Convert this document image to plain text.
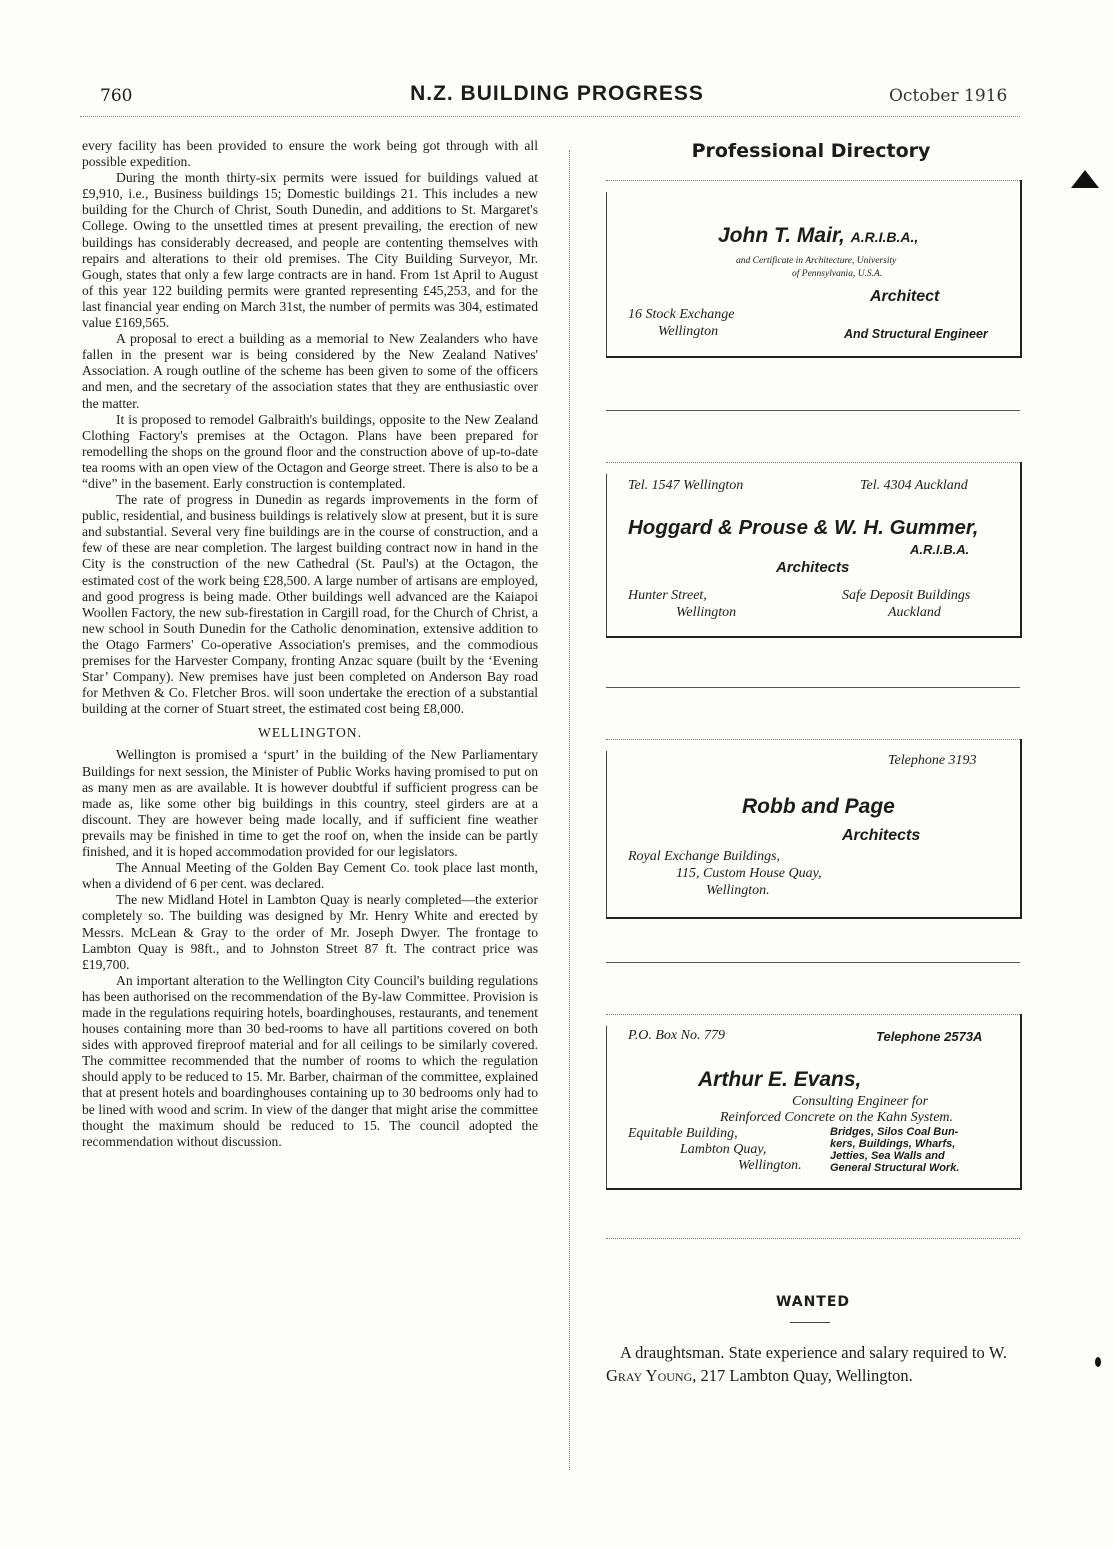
760	N.Z. BUILDING PROGRESS	October 1916

every facility has been provided to ensure the work being got through with all possible expedition.

During the month thirty-six permits were issued for buildings valued at £9,910, i.e., Business buildings 15; Domestic buildings 21. This includes a new building for the Church of Christ, South Dunedin, and additions to St. Margaret's College. Owing to the unsettled times at present prevailing, the erection of new buildings has considerably decreased, and people are contenting themselves with repairs and alterations to their old premises. The City Building Surveyor, Mr. Gough, states that only a few large contracts are in hand. From 1st April to August of this year 122 building permits were granted representing £45,253, and for the last financial year ending on March 31st, the number of permits was 304, estimated value £169,565.

A proposal to erect a building as a memorial to New Zealanders who have fallen in the present war is being considered by the New Zealand Natives' Association. A rough outline of the scheme has been given to some of the officers and men, and the secretary of the association states that they are enthusiastic over the matter.

It is proposed to remodel Galbraith's buildings, opposite to the New Zealand Clothing Factory's premises at the Octagon. Plans have been prepared for remodelling the shops on the ground floor and the construction above of up-to-date tea rooms with an open view of the Octagon and George street. There is also to be a “dive” in the basement. Early construction is contemplated.

The rate of progress in Dunedin as regards improvements in the form of public, residential, and business buildings is relatively slow at present, but it is sure and substantial. Several very fine buildings are in the course of construction, and a few of these are near completion. The largest building contract now in hand in the City is the construction of the new Cathedral (St. Paul's) at the Octagon, the estimated cost of the work being £28,500. A large number of artisans are employed, and good progress is being made. Other buildings well advanced are the Kaiapoi Woollen Factory, the new sub-firestation in Cargill road, for the Church of Christ, a new school in South Dunedin for the Catholic denomination, extensive addition to the Otago Farmers' Co-operative Association's premises, and the commodious premises for the Harvester Company, fronting Anzac square (built by the ‘Evening Star’ Company). New premises have just been completed on Anderson Bay road for Methven & Co. Fletcher Bros. will soon undertake the erection of a substantial building at the corner of Stuart street, the estimated cost being £8,000.

WELLINGTON.

Wellington is promised a ‘spurt’ in the building of the New Parliamentary Buildings for next session, the Minister of Public Works having promised to put on as many men as are available. It is however doubtful if sufficient progress can be made as, like some other big buildings in this country, steel girders are at a discount. They are however being made locally, and if sufficient fine weather prevails may be finished in time to get the roof on, when the inside can be partly finished, and it is hoped accommodation provided for our legislators.

The Annual Meeting of the Golden Bay Cement Co. took place last month, when a dividend of 6 per cent. was declared.

The new Midland Hotel in Lambton Quay is nearly completed—the exterior completely so. The building was designed by Mr. Henry White and erected by Messrs. McLean & Gray to the order of Mr. Joseph Dwyer. The frontage to Lambton Quay is 98ft., and to Johnston Street 87 ft. The contract price was £19,700.

An important alteration to the Wellington City Council's building regulations has been authorised on the recommendation of the By-law Committee. Provision is made in the regulations requiring hotels, boardinghouses, restaurants, and tenement houses containing more than 30 bed-rooms to have all partitions covered on both sides with approved fireproof material and for all ceilings to be similarly covered. The committee recommended that the number of rooms to which the regulation should apply to be reduced to 15. Mr. Barber, chairman of the committee, explained that at present hotels and boardinghouses containing up to 30 bedrooms only had to be lined with wood and scrim. In view of the danger that might arise the committee thought the maximum should be reduced to 15. The council adopted the recommendation without discussion.

Professional Directory
John T. Mair, A.R.I.B.A.,
and Certificate in Architecture, University
of Pennsylvania, U.S.A.
Architect
16 Stock Exchange
Wellington	And Structural Engineer
Tel. 1547 Wellington	Tel. 4304 Auckland
Hoggard & Prouse & W. H. Gummer,
A.R.I.B.A.
Architects
Hunter Street,
Wellington
Safe Deposit Buildings
Auckland
Telephone 3193
Robb and Page
Architects
Royal Exchange Buildings,
115, Custom House Quay,
Wellington.
P.O. Box No. 779	Telephone 2573A
Arthur E. Evans,
Consulting Engineer for
Reinforced Concrete on the Kahn System.
Equitable Building,
Lambton Quay,
Wellington.
Bridges, Silos Coal Bun-
kers, Buildings, Wharfs,
Jetties, Sea Walls and
General Structural Work.
WANTED
A draughtsman. State experience and salary required to W. Gray Young, 217 Lambton Quay, Wellington.
